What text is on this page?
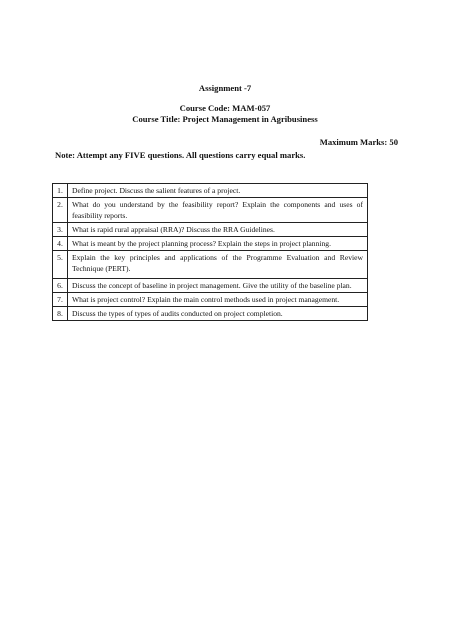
Assignment -7
Course Code: MAM-057
Course Title: Project Management in Agribusiness
Maximum Marks: 50
Note: Attempt any FIVE questions. All questions carry equal marks.
1.	Define project. Discuss the salient features of a project.
2.	What do you understand by the feasibility report? Explain the components and uses of feasibility reports.
3.	What is rapid rural appraisal (RRA)? Discuss the RRA Guidelines.
4.	What is meant by the project planning process? Explain the steps in project planning.
5.	Explain the key principles and applications of the Programme Evaluation and Review Technique (PERT).
6.	Discuss the concept of baseline in project management. Give the utility of the baseline plan.
7.	What is project control? Explain the main control methods used in project management.
8.	Discuss the types of types of audits conducted on project completion.
